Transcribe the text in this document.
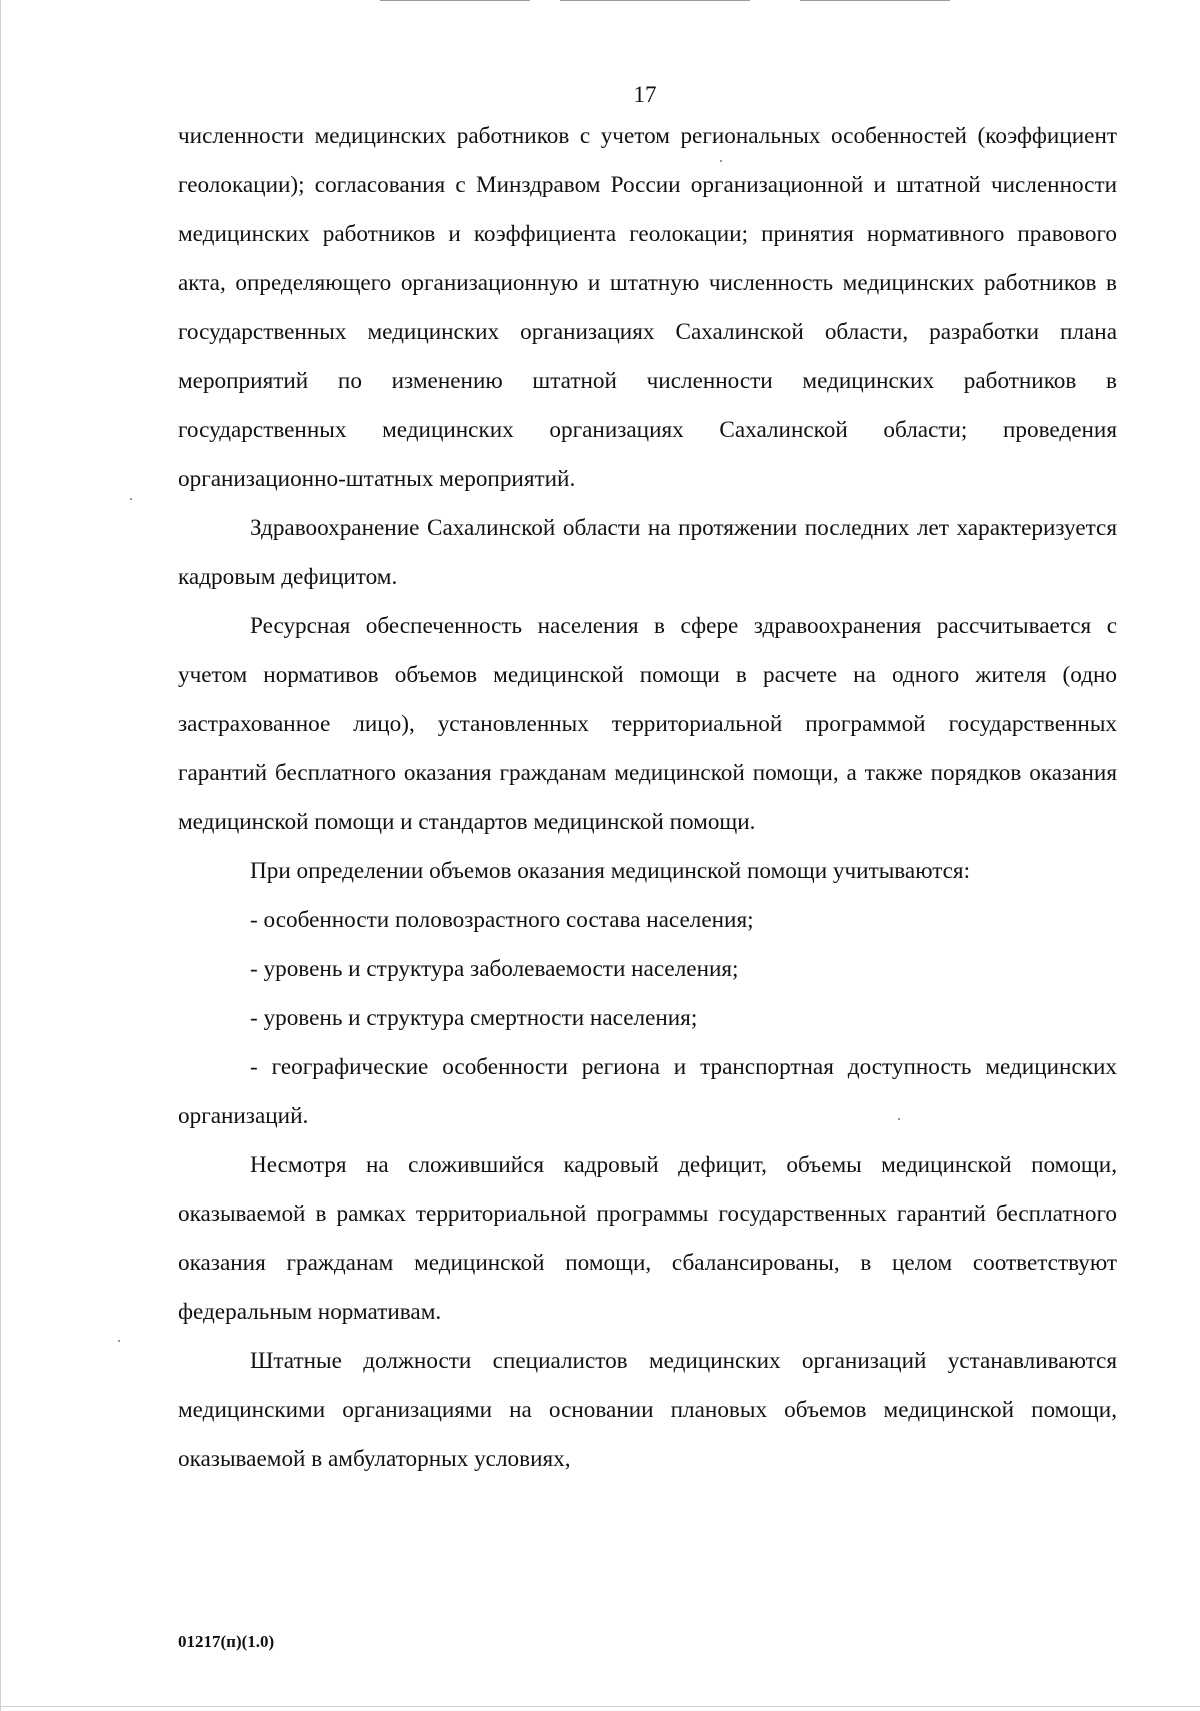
17

численности медицинских работников с учетом региональных особенностей (коэффициент геолокации); согласования с Минздравом России организационной и штатной численности медицинских работников и коэффициента геолокации; принятия нормативного правового акта, определяющего организационную и штатную численность медицинских работников в государственных медицинских организациях Сахалинской области, разработки плана мероприятий по изменению штатной численности медицинских работников в государственных медицинских организациях Сахалинской области; проведения организационно-штатных мероприятий.

Здравоохранение Сахалинской области на протяжении последних лет характеризуется кадровым дефицитом.

Ресурсная обеспеченность населения в сфере здравоохранения рассчитывается с учетом нормативов объемов медицинской помощи в расчете на одного жителя (одно застрахованное лицо), установленных территориальной программой государственных гарантий бесплатного оказания гражданам медицинской помощи, а также порядков оказания медицинской помощи и стандартов медицинской помощи.

При определении объемов оказания медицинской помощи учитываются:

- особенности половозрастного состава населения;

- уровень и структура заболеваемости населения;

- уровень и структура смертности населения;

- географические особенности региона и транспортная доступность медицинских организаций.

Несмотря на сложившийся кадровый дефицит, объемы медицинской помощи, оказываемой в рамках территориальной программы государственных гарантий бесплатного оказания гражданам медицинской помощи, сбалансированы, в целом соответствуют федеральным нормативам.

Штатные должности специалистов медицинских организаций устанавливаются медицинскими организациями на основании плановых объемов медицинской помощи, оказываемой в амбулаторных условиях,

01217(п)(1.0)
